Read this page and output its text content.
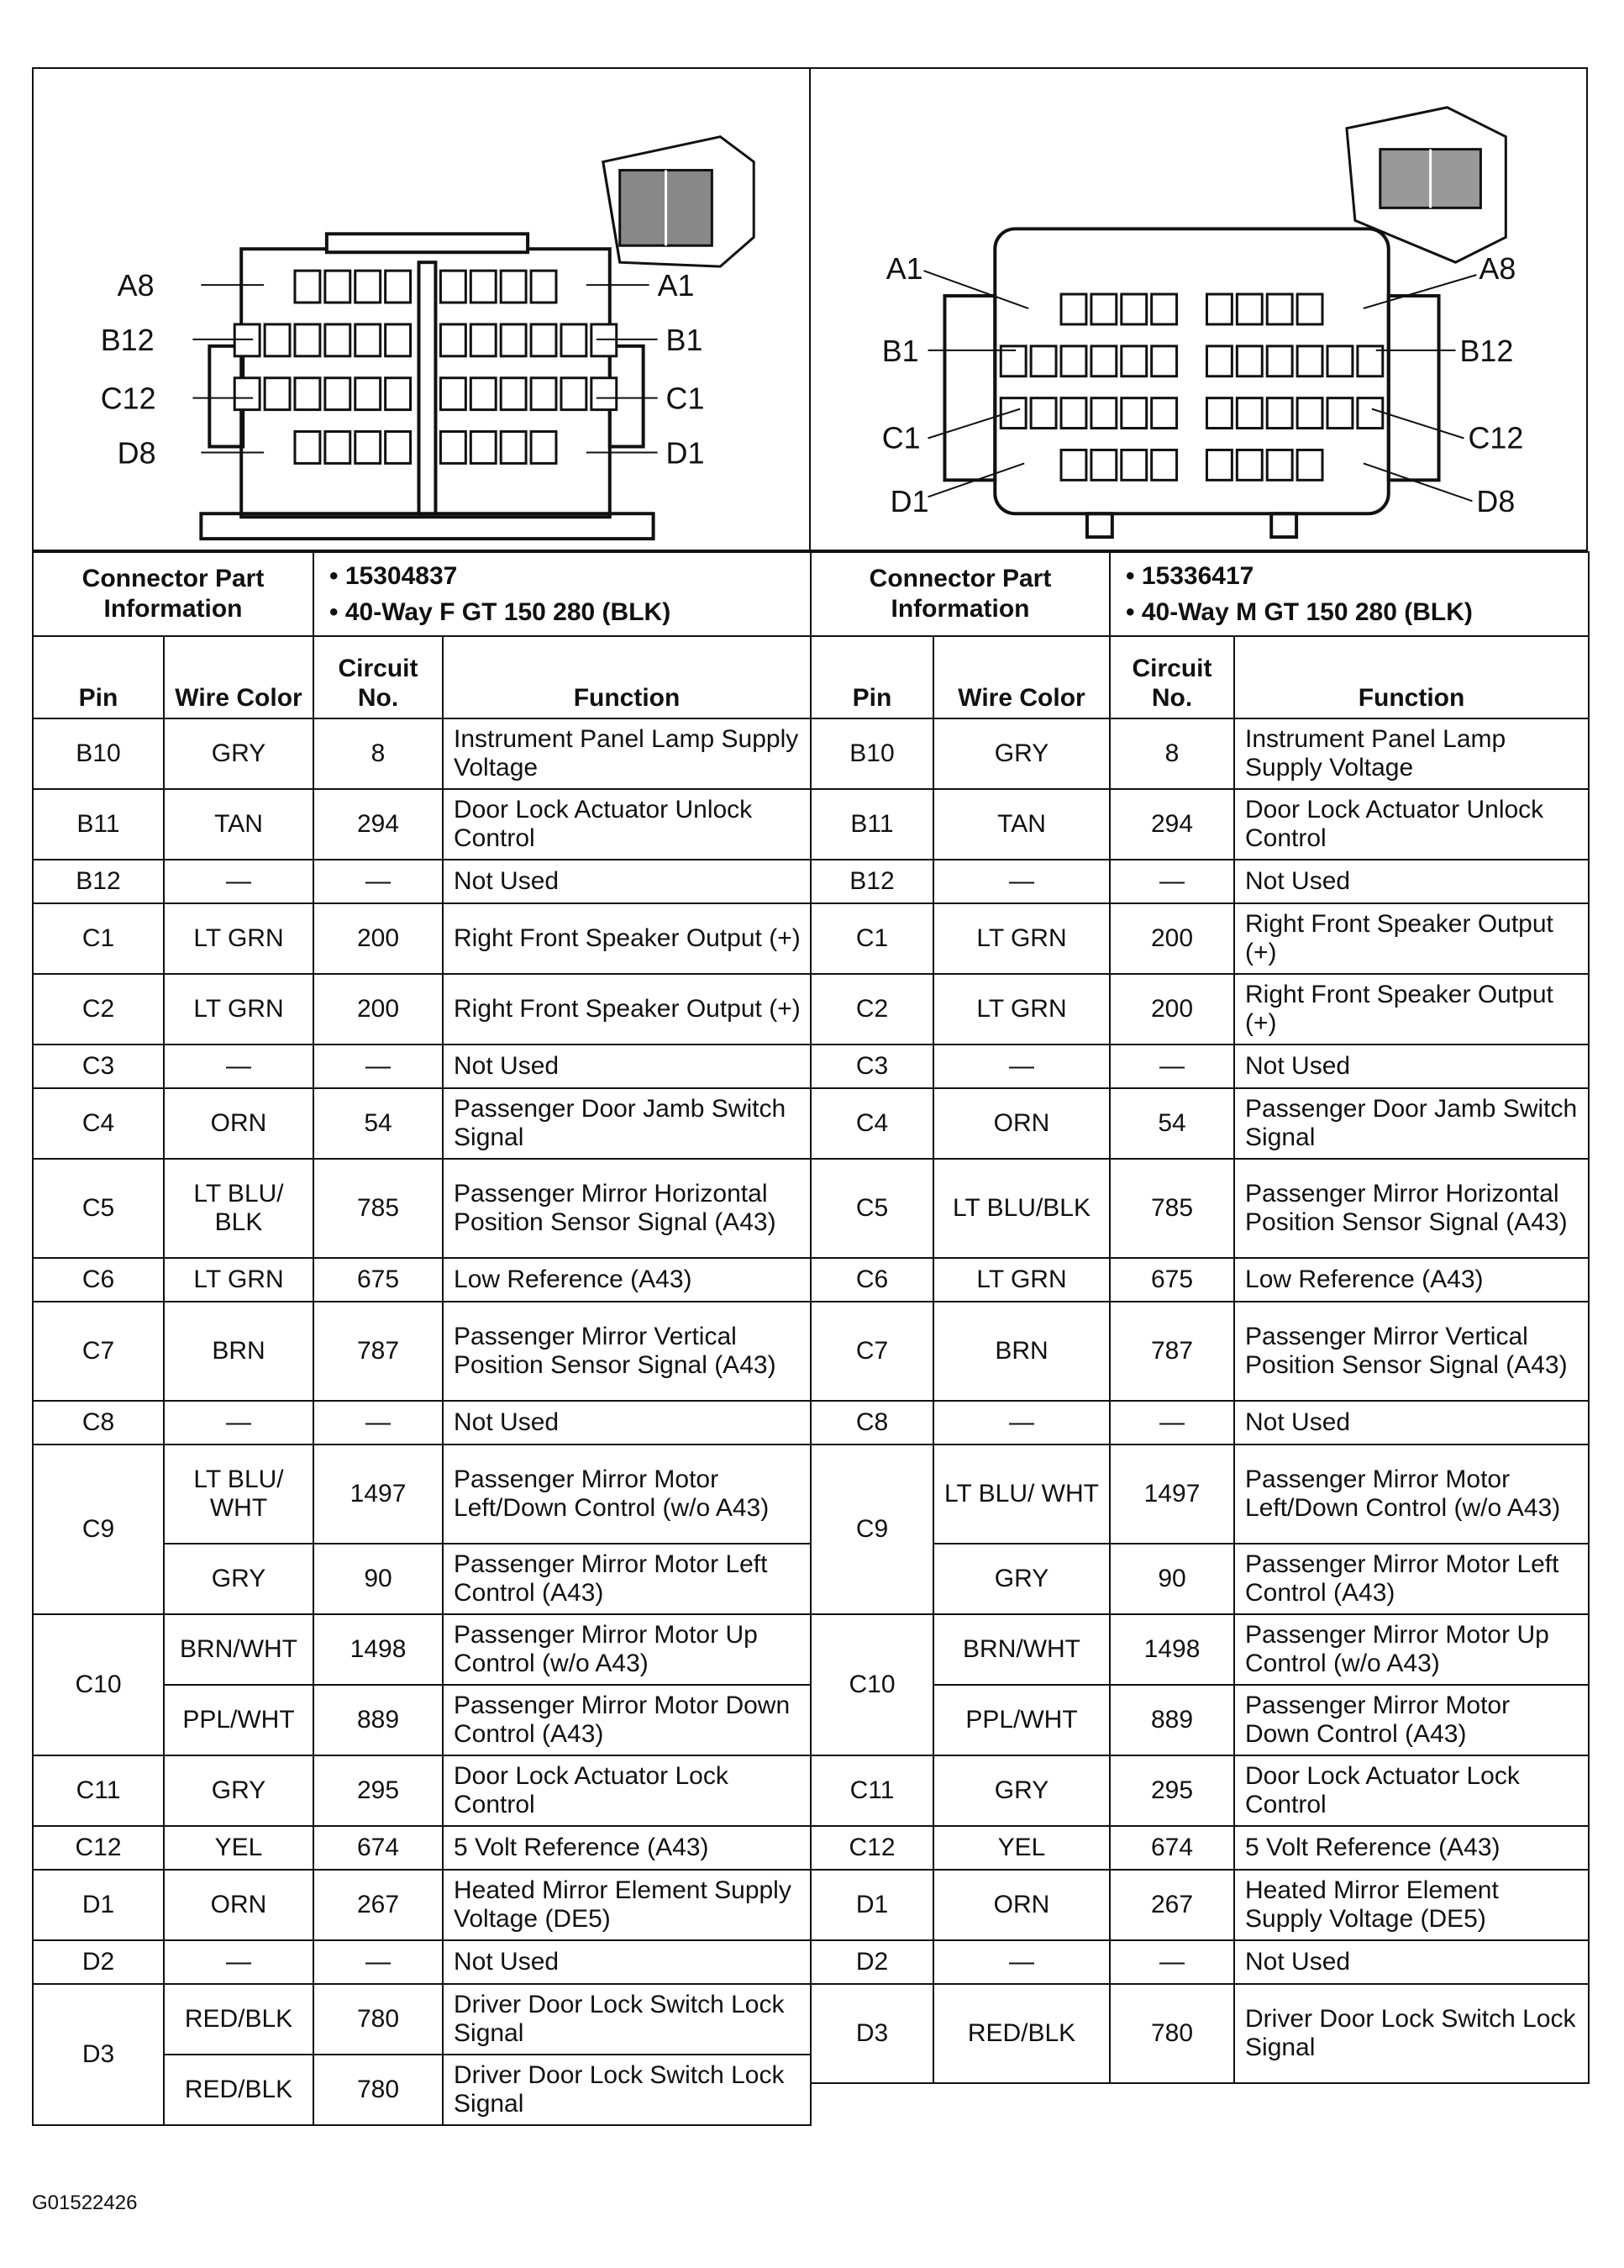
A8	A1
B12	B1
C12	C1
D8	D1
Connector Part Information		• 15304837
• 40-Way F GT 150 280 (BLK)	
Pin	Wire Color	Circuit No.	Function
B10	GRY	8	Instrument Panel Lamp Supply Voltage
B11	TAN	294	Door Lock Actuator Unlock Control
B12	—	—	Not Used
C1	LT GRN	200	Right Front Speaker Output (+)
C2	LT GRN	200	Right Front Speaker Output (+)
C3	—	—	Not Used
C4	ORN	54	Passenger Door Jamb Switch Signal
C5	LT BLU/ BLK	785	Passenger Mirror Horizontal Position Sensor Signal (A43)
C6	LT GRN	675	Low Reference (A43)
C7	BRN	787	Passenger Mirror Vertical Position Sensor Signal (A43)
C8	—	—	Not Used
C9	LT BLU/ WHT	1497	Passenger Mirror Motor Left/Down Control (w/o A43)
	GRY	90	Passenger Mirror Motor Left Control (A43)
C10	BRN/WHT	1498	Passenger Mirror Motor Up Control (w/o A43)
	PPL/WHT	889	Passenger Mirror Motor Down Control (A43)
C11	GRY	295	Door Lock Actuator Lock Control
C12	YEL	674	5 Volt Reference (A43)
D1	ORN	267	Heated Mirror Element Supply Voltage (DE5)
D2	—	—	Not Used
D3	RED/BLK	780	Driver Door Lock Switch Lock Signal
	RED/BLK	780	Driver Door Lock Switch Lock Signal
A1	A8
B1	B12
C1	C12
D1	D8
Connector Part Information		• 15336417
• 40-Way M GT 150 280 (BLK)	
Pin	Wire Color	Circuit No.	Function
B10	GRY	8	Instrument Panel Lamp Supply Voltage
B11	TAN	294	Door Lock Actuator Unlock Control
B12	—	—	Not Used
C1	LT GRN	200	Right Front Speaker Output (+)
C2	LT GRN	200	Right Front Speaker Output (+)
C3	—	—	Not Used
C4	ORN	54	Passenger Door Jamb Switch Signal
C5	LT BLU/BLK	785	Passenger Mirror Horizontal Position Sensor Signal (A43)
C6	LT GRN	675	Low Reference (A43)
C7	BRN	787	Passenger Mirror Vertical Position Sensor Signal (A43)
C8	—	—	Not Used
C9	LT BLU/ WHT	1497	Passenger Mirror Motor Left/Down Control (w/o A43)
	GRY	90	Passenger Mirror Motor Left Control (A43)
C10	BRN/WHT	1498	Passenger Mirror Motor Up Control (w/o A43)
	PPL/WHT	889	Passenger Mirror Motor Down Control (A43)
C11	GRY	295	Door Lock Actuator Lock Control
C12	YEL	674	5 Volt Reference (A43)
D1	ORN	267	Heated Mirror Element Supply Voltage (DE5)
D2	—	—	Not Used
D3	RED/BLK	780	Driver Door Lock Switch Lock Signal
G01522426
